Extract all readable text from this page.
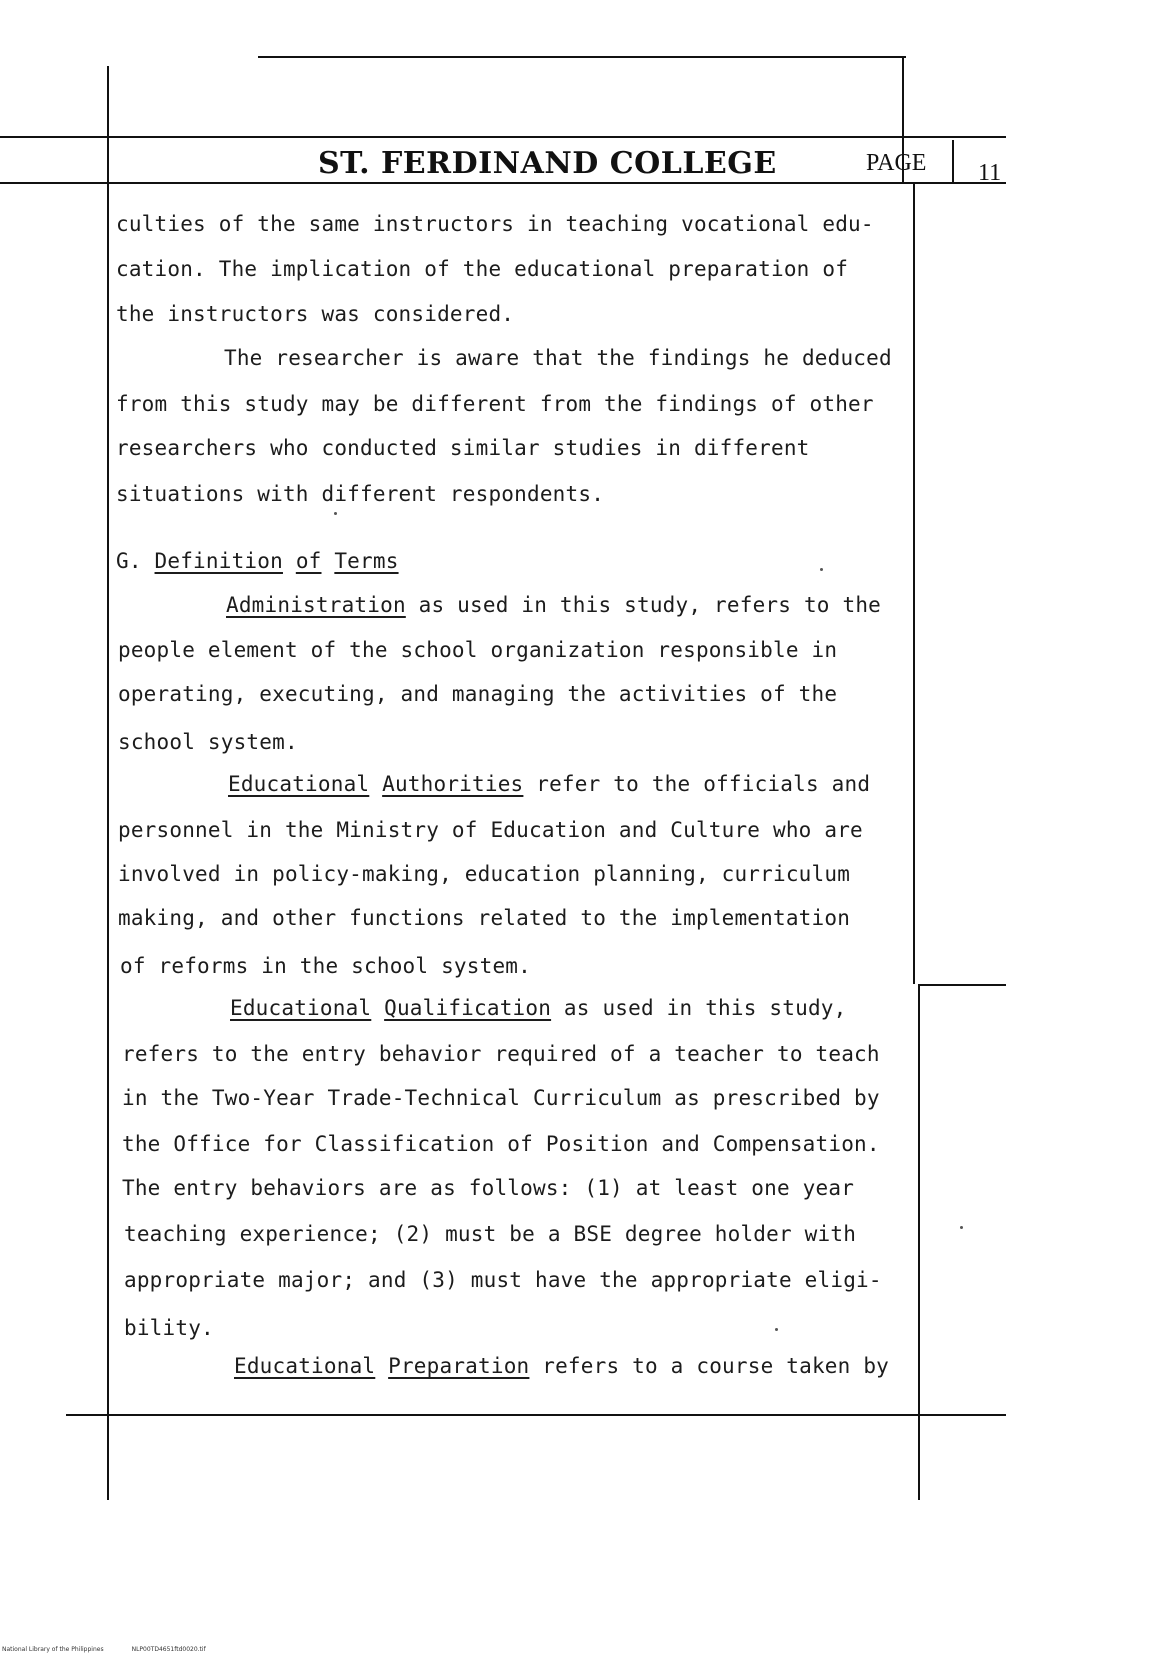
ST. FERDINAND COLLEGE	PAGE 11
culties of the same instructors in teaching vocational edu-
cation. The implication of the educational preparation of
the instructors was considered.
The researcher is aware that the findings he deduced
from this study may be different from the findings of other
researchers who conducted similar studies in different
situations with different respondents.
G. Definition of Terms
Administration as used in this study, refers to the
people element of the school organization responsible in
operating, executing, and managing the activities of the
school system.
Educational Authorities refer to the officials and
personnel in the Ministry of Education and Culture who are
involved in policy-making, education planning, curriculum
making, and other functions related to the implementation
of reforms in the school system.
Educational Qualification as used in this study,
refers to the entry behavior required of a teacher to teach
in the Two-Year Trade-Technical Curriculum as prescribed by
the Office for Classification of Position and Compensation.
The entry behaviors are as follows: (1) at least one year
teaching experience; (2) must be a BSE degree holder with
appropriate major; and (3) must have the appropriate eligi-
bility.
Educational Preparation refers to a course taken by
National Library of the Philippines	NLP00TD4651ftd0020.tif
